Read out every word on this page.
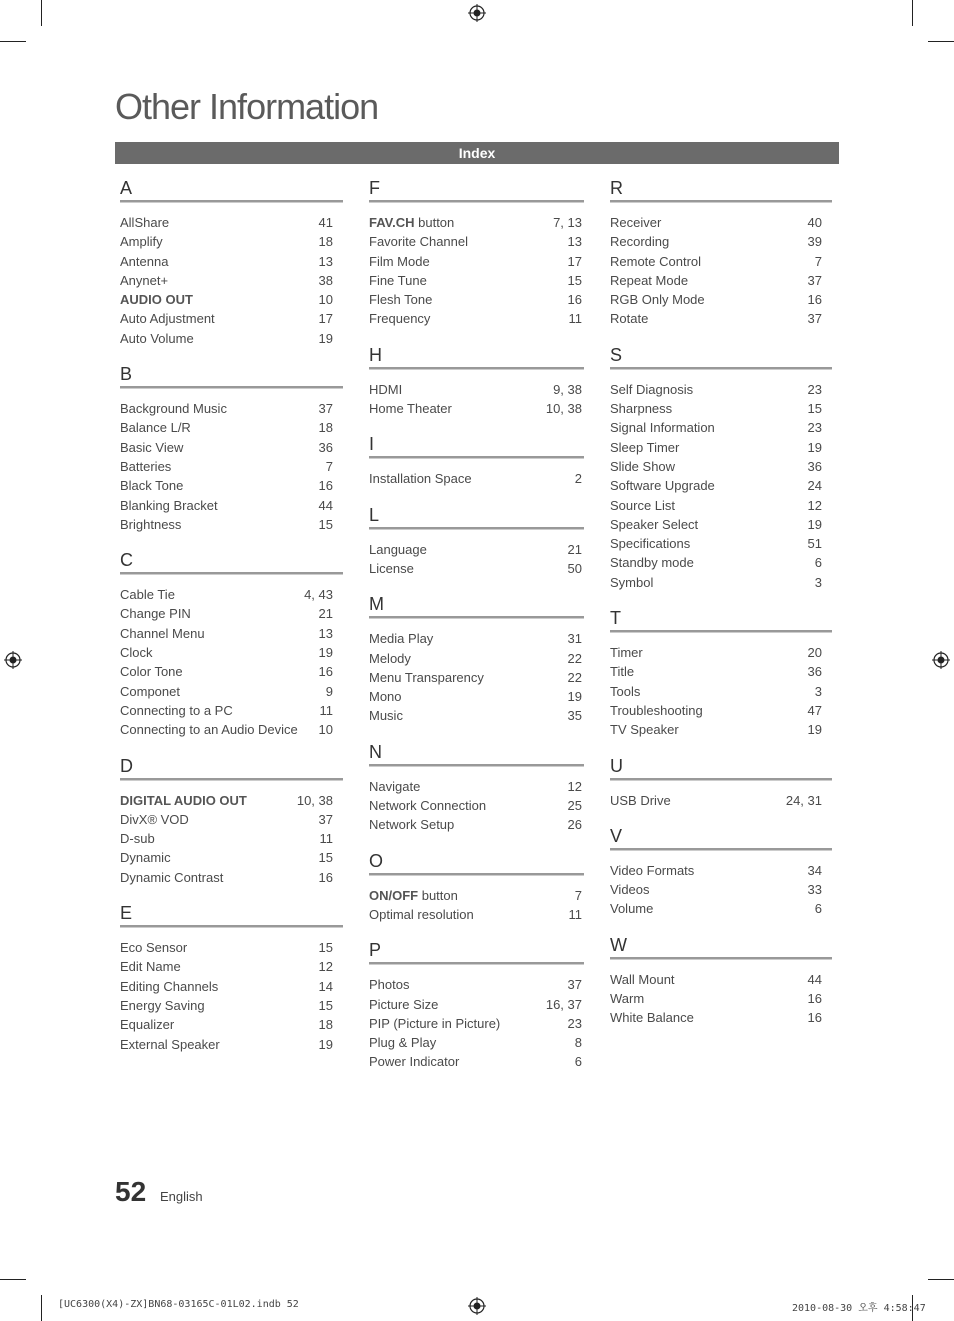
Other Information
Index
A
AllShare	41
Amplify	18
Antenna	13
Anynet+	38
AUDIO OUT	10
Auto Adjustment	17
Auto Volume	19
B
Background Music	37
Balance L/R	18
Basic View	36
Batteries	7
Black Tone	16
Blanking Bracket	44
Brightness	15
C
Cable Tie	4, 43
Change PIN	21
Channel Menu	13
Clock	19
Color Tone	16
Componet	9
Connecting to a PC	11
Connecting to an Audio Device 10
D
DIGITAL AUDIO OUT	10, 38
DivX® VOD	37
D-sub	11
Dynamic	15
Dynamic Contrast	16
E
Eco Sensor	15
Edit Name	12
Editing Channels	14
Energy Saving	15
Equalizer	18
External Speaker	19
F
FAV.CH button	7, 13
Favorite Channel	13
Film Mode	17
Fine Tune	15
Flesh Tone	16
Frequency	11
H
HDMI	9, 38
Home Theater	10, 38
I
Installation Space	2
L
Language	21
License	50
M
Media Play	31
Melody	22
Menu Transparency	22
Mono	19
Music	35
N
Navigate	12
Network Connection	25
Network Setup	26
O
ON/OFF button	7
Optimal resolution	11
P
Photos	37
Picture Size	16, 37
PIP (Picture in Picture)	23
Plug & Play	8
Power Indicator	6
R
Receiver	40
Recording	39
Remote Control	7
Repeat Mode	37
RGB Only Mode	16
Rotate	37
S
Self Diagnosis	23
Sharpness	15
Signal Information	23
Sleep Timer	19
Slide Show	36
Software Upgrade	24
Source List	12
Speaker Select	19
Specifications	51
Standby mode	6
Symbol	3
T
Timer	20
Title	36
Tools	3
Troubleshooting	47
TV Speaker	19
U
USB Drive	24, 31
V
Video Formats	34
Videos	33
Volume	6
W
Wall Mount	44
Warm	16
White Balance	16
52 English
[UC6300(X4)-ZX]BN68-03165C-01L02.indb 52	2010-08-30 오후 4:58:47
